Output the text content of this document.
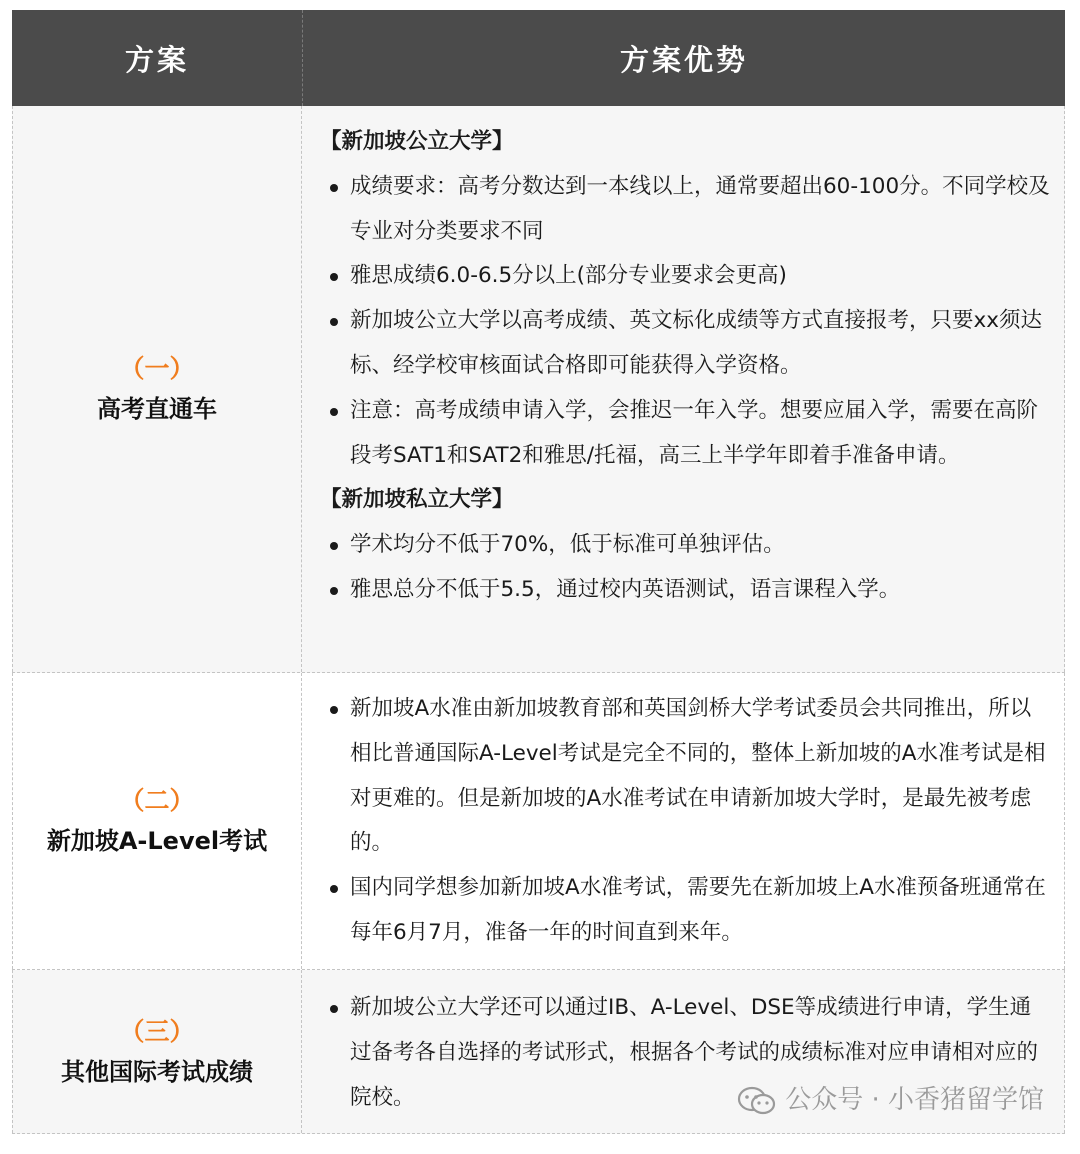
方案	方案优势
（一）
高考直通车
【新加坡公立大学】
成绩要求：高考分数达到一本线以上，通常要超出60-100分。不同学校及专业对分类要求不同
雅思成绩6.0-6.5分以上(部分专业要求会更高)
新加坡公立大学以高考成绩、英文标化成绩等方式直接报考，只要xx须达标、经学校审核面试合格即可能获得入学资格。
注意：高考成绩申请入学，会推迟一年入学。想要应届入学，需要在高阶段考SAT1和SAT2和雅思/托福，高三上半学年即着手准备申请。
【新加坡私立大学】
学术均分不低于70%，低于标准可单独评估。
雅思总分不低于5.5，通过校内英语测试，语言课程入学。
（二）
新加坡A-Level考试
新加坡A水准由新加坡教育部和英国剑桥大学考试委员会共同推出，所以相比普通国际A-Level考试是完全不同的，整体上新加坡的A水准考试是相对更难的。但是新加坡的A水准考试在申请新加坡大学时，是最先被考虑的。
国内同学想参加新加坡A水准考试，需要先在新加坡上A水准预备班通常在每年6月7月，准备一年的时间直到来年。
（三）
其他国际考试成绩
新加坡公立大学还可以通过IB、A-Level、DSE等成绩进行申请，学生通过备考各自选择的考试形式，根据各个考试的成绩标准对应申请相对应的院校。	公众号 · 小香猪留学馆
